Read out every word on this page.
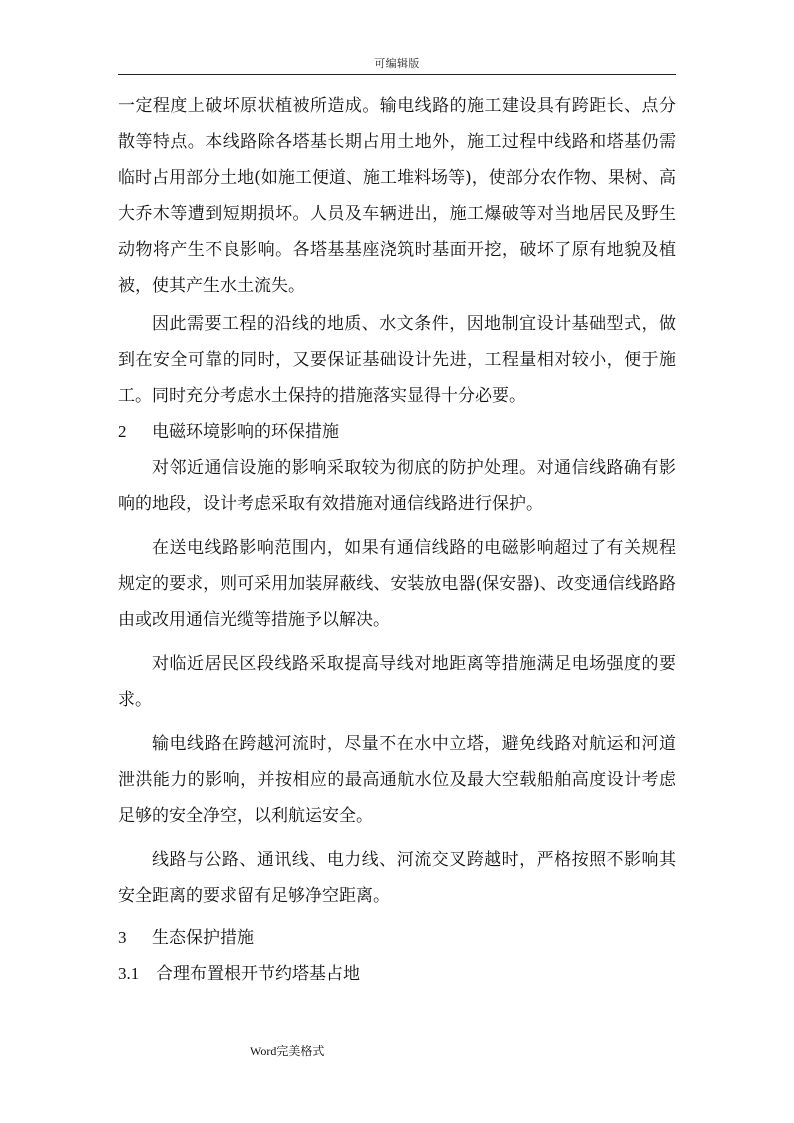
可编辑版

一定程度上破坏原状植被所造成。输电线路的施工建设具有跨距长、点分散等特点。本线路除各塔基长期占用土地外，施工过程中线路和塔基仍需临时占用部分土地(如施工便道、施工堆料场等)，使部分农作物、果树、高大乔木等遭到短期损坏。人员及车辆进出，施工爆破等对当地居民及野生动物将产生不良影响。各塔基基座浇筑时基面开挖，破坏了原有地貌及植被，使其产生水土流失。

因此需要工程的沿线的地质、水文条件，因地制宜设计基础型式，做到在安全可靠的同时，又要保证基础设计先进，工程量相对较小，便于施工。同时充分考虑水土保持的措施落实显得十分必要。

2 电磁环境影响的环保措施

对邻近通信设施的影响采取较为彻底的防护处理。对通信线路确有影响的地段，设计考虑采取有效措施对通信线路进行保护。

在送电线路影响范围内，如果有通信线路的电磁影响超过了有关规程规定的要求，则可采用加装屏蔽线、安装放电器(保安器)、改变通信线路路由或改用通信光缆等措施予以解决。

对临近居民区段线路采取提高导线对地距离等措施满足电场强度的要求。

输电线路在跨越河流时，尽量不在水中立塔，避免线路对航运和河道泄洪能力的影响，并按相应的最高通航水位及最大空载船舶高度设计考虑足够的安全净空，以利航运安全。

线路与公路、通讯线、电力线、河流交叉跨越时，严格按照不影响其安全距离的要求留有足够净空距离。

3 生态保护措施
3.1 合理布置根开节约塔基占地
Word完美格式
